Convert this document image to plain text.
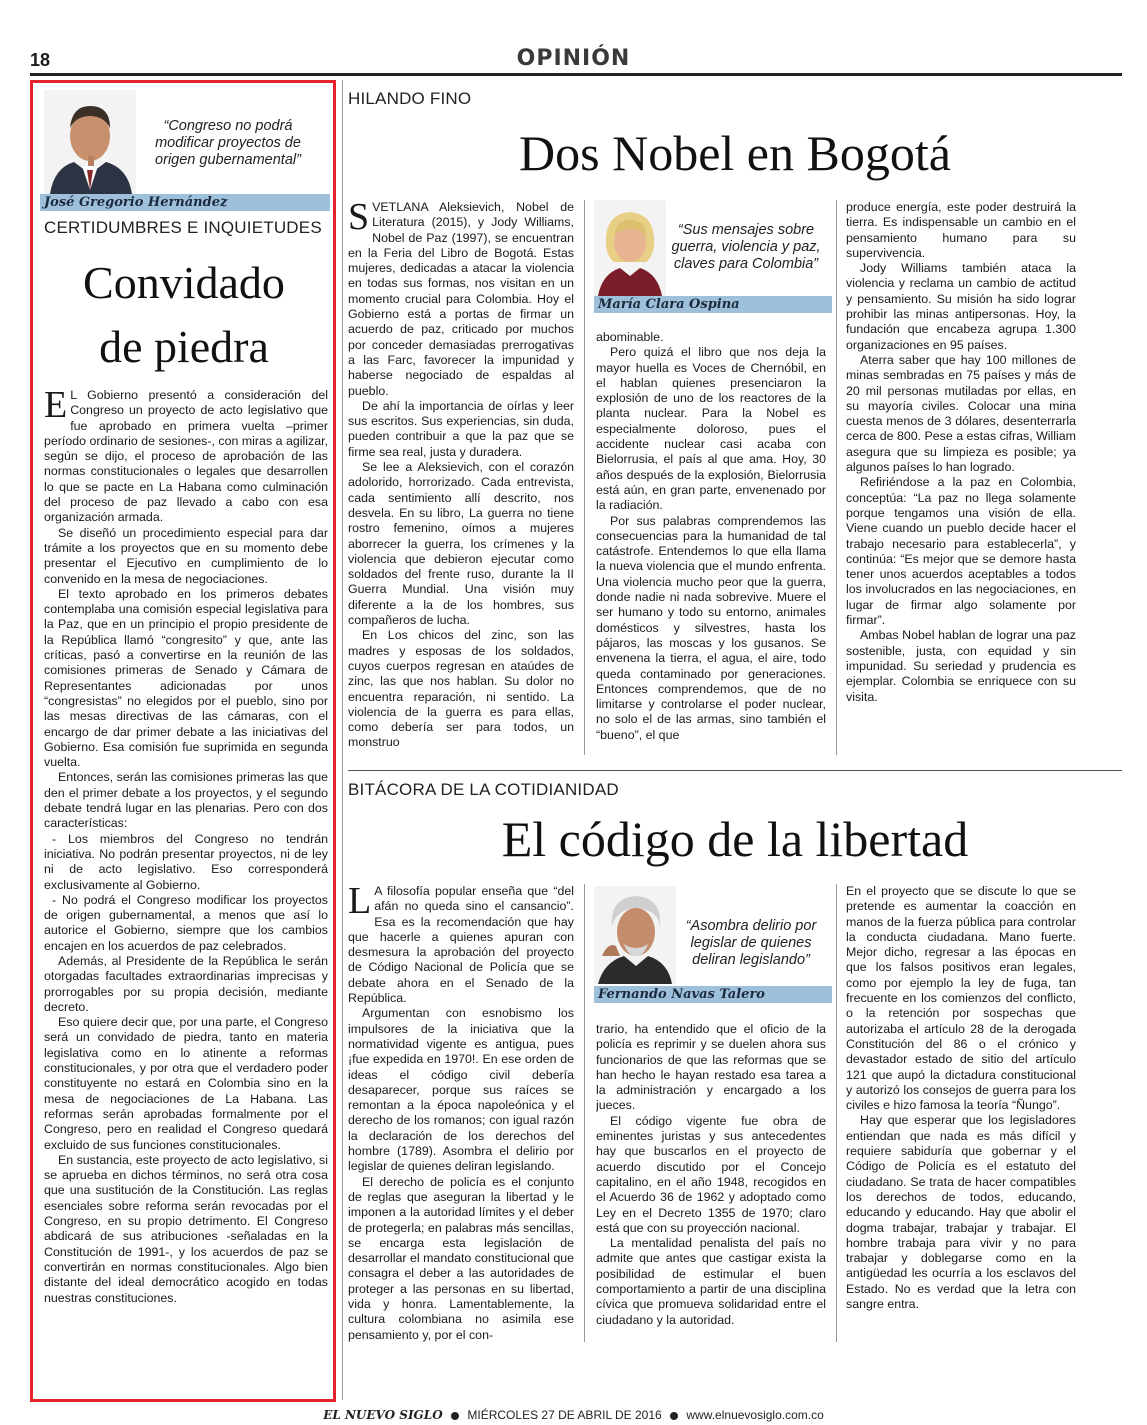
18	OPINIÓN
“Congreso no podrá modificar proyectos de origen gubernamental”
José Gregorio Hernández
CERTIDUMBRES E INQUIETUDES
Convidado
de piedra

E L Gobierno presentó a consideración del Congreso un proyecto de acto legislativo que fue aprobado en primera vuelta –primer período ordinario de sesiones-, con miras a agilizar, según se dijo, el proceso de aprobación de las normas constitucionales o legales que desarrollen lo que se pacte en La Habana como culminación del proceso de paz llevado a cabo con esa organización armada.

Se diseñó un procedimiento especial para dar trámite a los proyectos que en su momento debe presentar el Ejecutivo en cumplimiento de lo convenido en la mesa de negociaciones.

El texto aprobado en los primeros debates contemplaba una comisión especial legislativa para la Paz, que en un principio el propio presidente de la República llamó “congresito” y que, ante las críticas, pasó a convertirse en la reunión de las comisiones primeras de Senado y Cámara de Representantes adicionadas por unos “congresistas” no elegidos por el pueblo, sino por las mesas directivas de las cámaras, con el encargo de dar primer debate a las iniciativas del Gobierno. Esa comisión fue suprimida en segunda vuelta.

Entonces, serán las comisiones primeras las que den el primer debate a los proyectos, y el segundo debate tendrá lugar en las plenarias. Pero con dos características:

- Los miembros del Congreso no tendrán iniciativa. No podrán presentar proyectos, ni de ley ni de acto legislativo. Eso corresponderá exclusivamente al Gobierno.

- No podrá el Congreso modificar los proyectos de origen gubernamental, a menos que así lo autorice el Gobierno, siempre que los cambios encajen en los acuerdos de paz celebrados.

Además, al Presidente de la República le serán otorgadas facultades extraordinarias imprecisas y prorrogables por su propia decisión, mediante decreto.

Eso quiere decir que, por una parte, el Congreso será un convidado de piedra, tanto en materia legislativa como en lo atinente a reformas constitucionales, y por otra que el verdadero poder constituyente no estará en Colombia sino en la mesa de negociaciones de La Habana. Las reformas serán aprobadas formalmente por el Congreso, pero en realidad el Congreso quedará excluido de sus funciones constitucionales.

En sustancia, este proyecto de acto legislativo, si se aprueba en dichos términos, no será otra cosa que una sustitución de la Constitución. Las reglas esenciales sobre reforma serán revocadas por el Congreso, en su propio detrimento. El Congreso abdicará de sus atribuciones -señaladas en la Constitución de 1991-, y los acuerdos de paz se convertirán en normas constitucionales. Algo bien distante del ideal democrático acogido en todas nuestras constituciones.

HILANDO FINO
Dos Nobel en Bogotá

SVETLANA Aleksievich, Nobel de Literatura (2015), y Jody Williams, Nobel de Paz (1997), se encuentran en la Feria del Libro de Bogotá. Estas mujeres, dedicadas a atacar la violencia en todas sus formas, nos visitan en un momento crucial para Colombia. Hoy el Gobierno está a portas de firmar un acuerdo de paz, criticado por muchos por conceder demasiadas prerrogativas a las Farc, favorecer la impunidad y haberse negociado de espaldas al pueblo.

De ahí la importancia de oírlas y leer sus escritos. Sus experiencias, sin duda, pueden contribuir a que la paz que se firme sea real, justa y duradera.

Se lee a Aleksievich, con el corazón adolorido, horrorizado. Cada entrevista, cada sentimiento allí descrito, nos desvela. En su libro, La guerra no tiene rostro femenino, oímos a mujeres aborrecer la guerra, los crímenes y la violencia que debieron ejecutar como soldados del frente ruso, durante la II Guerra Mundial. Una visión muy diferente a la de los hombres, sus compañeros de lucha.

En Los chicos del zinc, son las madres y esposas de los soldados, cuyos cuerpos regresan en ataúdes de zinc, las que nos hablan. Su dolor no encuentra reparación, ni sentido. La violencia de la guerra es para ellas, como debería ser para todos, un monstruo

“Sus mensajes sobre guerra, violencia y paz, claves para Colombia”
María Clara Ospina

abominable.

Pero quizá el libro que nos deja la mayor huella es Voces de Chernóbil, en el hablan quienes presenciaron la explosión de uno de los reactores de la planta nuclear. Para la Nobel es especialmente doloroso, pues el accidente nuclear casi acaba con Bielorrusia, el país al que ama. Hoy, 30 años después de la explosión, Bielorrusia está aún, en gran parte, envenenado por la radiación.

Por sus palabras comprendemos las consecuencias para la humanidad de tal catástrofe. Entendemos lo que ella llama la nueva violencia que el mundo enfrenta. Una violencia mucho peor que la guerra, donde nadie ni nada sobrevive. Muere el ser humano y todo su entorno, animales domésticos y silvestres, hasta los pájaros, las moscas y los gusanos. Se envenena la tierra, el agua, el aire, todo queda contaminado por generaciones. Entonces comprendemos, que de no limitarse y controlarse el poder nuclear, no solo el de las armas, sino también el “bueno”, el que

produce energía, este poder destruirá la tierra. Es indispensable un cambio en el pensamiento humano para su supervivencia.

Jody Williams también ataca la violencia y reclama un cambio de actitud y pensamiento. Su misión ha sido lograr prohibir las minas antipersonas. Hoy, la fundación que encabeza agrupa 1.300 organizaciones en 95 países.

Aterra saber que hay 100 millones de minas sembradas en 75 países y más de 20 mil personas mutiladas por ellas, en su mayoría civiles. Colocar una mina cuesta menos de 3 dólares, desenterrarla cerca de 800. Pese a estas cifras, William asegura que su limpieza es posible; ya algunos países lo han logrado.

Refiriéndose a la paz en Colombia, conceptúa: “La paz no llega solamente porque tengamos una visión de ella. Viene cuando un pueblo decide hacer el trabajo necesario para establecerla”, y continúa: “Es mejor que se demore hasta tener unos acuerdos aceptables a todos los involucrados en las negociaciones, en lugar de firmar algo solamente por firmar”.

Ambas Nobel hablan de lograr una paz sostenible, justa, con equidad y sin impunidad. Su seriedad y prudencia es ejemplar. Colombia se enriquece con su visita.

BITÁCORA DE LA COTIDIANIDAD
El código de la libertad

L A filosofía popular enseña que “del afán no queda sino el cansancio”. Esa es la recomendación que hay que hacerle a quienes apuran con desmesura la aprobación del proyecto de Código Nacional de Policía que se debate ahora en el Senado de la República.

Argumentan con esnobismo los impulsores de la iniciativa que la normatividad vigente es antigua, pues ¡fue expedida en 1970!. En ese orden de ideas el código civil debería desaparecer, porque sus raíces se remontan a la época napoleónica y el derecho de los romanos; con igual razón la declaración de los derechos del hombre (1789). Asombra el delirio por legislar de quienes deliran legislando.

El derecho de policía es el conjunto de reglas que aseguran la libertad y le imponen a la autoridad límites y el deber de protegerla; en palabras más sencillas, se encarga esta legislación de desarrollar el mandato constitucional que consagra el deber a las autoridades de proteger a las personas en su libertad, vida y honra. Lamentablemente, la cultura colombiana no asimila ese pensamiento y, por el con-

“Asombra delirio por legislar de quienes deliran legislando”
Fernando Navas Talero

trario, ha entendido que el oficio de la policía es reprimir y se duelen ahora sus funcionarios de que las reformas que se han hecho le hayan restado esa tarea a la administración y encargado a los jueces.

El código vigente fue obra de eminentes juristas y sus antecedentes hay que buscarlos en el proyecto de acuerdo discutido por el Concejo capitalino, en el año 1948, recogidos en el Acuerdo 36 de 1962 y adoptado como Ley en el Decreto 1355 de 1970; claro está que con su proyección nacional.

La mentalidad penalista del país no admite que antes que castigar exista la posibilidad de estimular el buen comportamiento a partir de una disciplina cívica que promueva solidaridad entre el ciudadano y la autoridad.

En el proyecto que se discute lo que se pretende es aumentar la coacción en manos de la fuerza pública para controlar la conducta ciudadana. Mano fuerte. Mejor dicho, regresar a las épocas en que los falsos positivos eran legales, como por ejemplo la ley de fuga, tan frecuente en los comienzos del conflicto, o la retención por sospechas que autorizaba el artículo 28 de la derogada Constitución del 86 o el crónico y devastador estado de sitio del artículo 121 que aupó la dictadura constitucional y autorizó los consejos de guerra para los civiles e hizo famosa la teoría “Ñungo”.

Hay que esperar que los legisladores entiendan que nada es más difícil y requiere sabiduría que gobernar y el Código de Policía es el estatuto del ciudadano. Se trata de hacer compatibles los derechos de todos, educando, educando y educando. Hay que abolir el dogma trabajar, trabajar y trabajar. El hombre trabaja para vivir y no para trabajar y doblegarse como en la antigüedad les ocurría a los esclavos del Estado. No es verdad que la letra con sangre entra.

EL NUEVO SIGLO MIÉRCOLES 27 DE ABRIL DE 2016 www.elnuevosiglo.com.co
